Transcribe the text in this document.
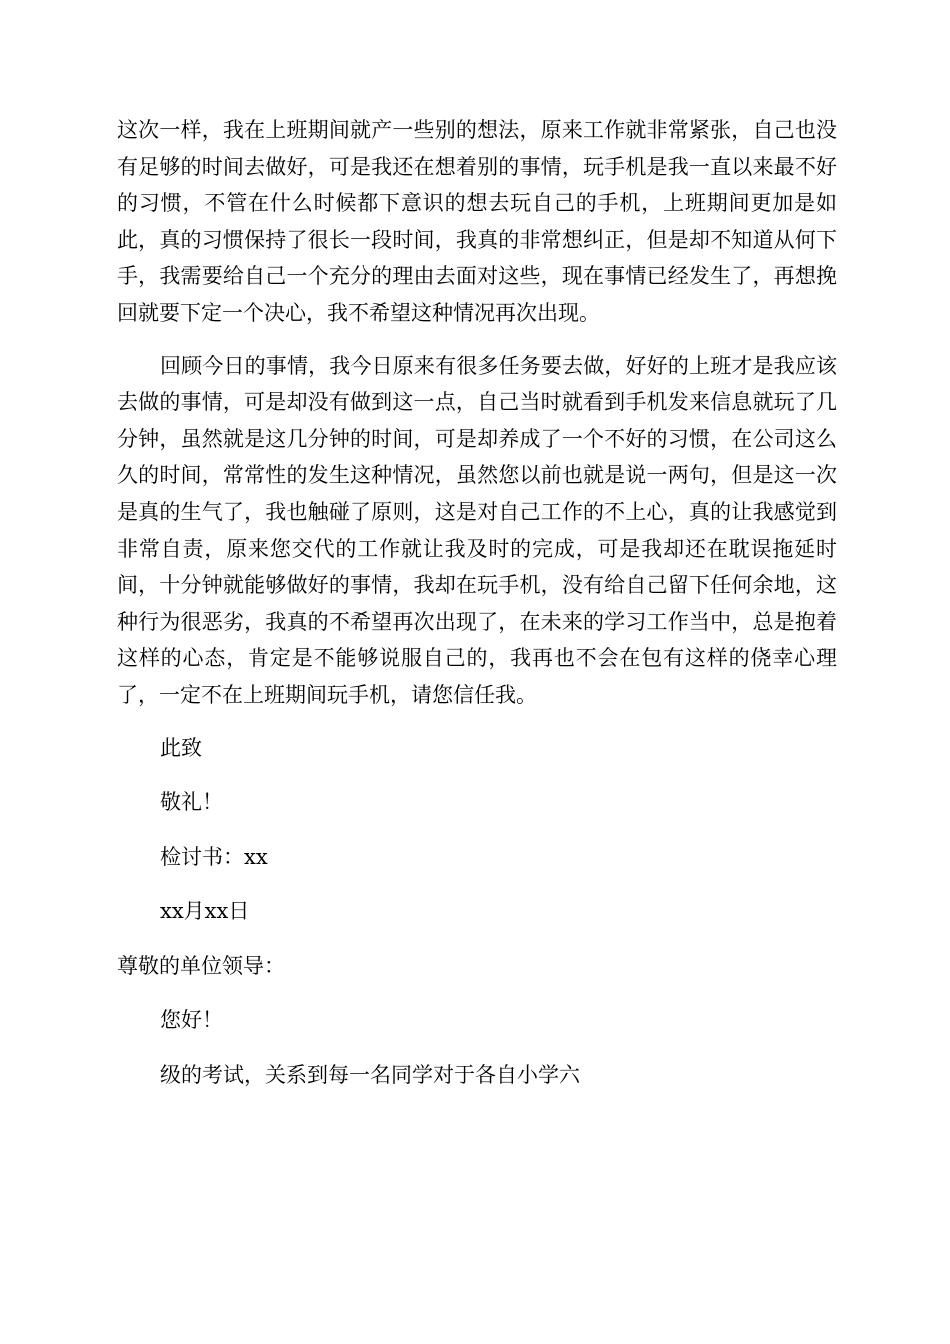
这次一样，我在上班期间就产一些别的想法，原来工作就非常紧张，自己也没有足够的时间去做好，可是我还在想着别的事情，玩手机是我一直以来最不好的习惯，不管在什么时候都下意识的想去玩自己的手机，上班期间更加是如此，真的习惯保持了很长一段时间，我真的非常想纠正，但是却不知道从何下手，我需要给自己一个充分的理由去面对这些，现在事情已经发生了，再想挽回就要下定一个决心，我不希望这种情况再次出现。

回顾今日的事情，我今日原来有很多任务要去做，好好的上班才是我应该去做的事情，可是却没有做到这一点，自己当时就看到手机发来信息就玩了几分钟，虽然就是这几分钟的时间，可是却养成了一个不好的习惯，在公司这么久的时间，常常性的发生这种情况，虽然您以前也就是说一两句，但是这一次是真的生气了，我也触碰了原则，这是对自己工作的不上心，真的让我感觉到非常自责，原来您交代的工作就让我及时的完成，可是我却还在耽误拖延时间，十分钟就能够做好的事情，我却在玩手机，没有给自己留下任何余地，这种行为很恶劣，我真的不希望再次出现了，在未来的学习工作当中，总是抱着这样的心态，肯定是不能够说服自己的，我再也不会在包有这样的侥幸心理了，一定不在上班期间玩手机，请您信任我。

此致

敬礼！

检讨书：xx

xx月xx日

尊敬的单位领导：

您好！

级的考试，关系到每一名同学对于各自小学六
